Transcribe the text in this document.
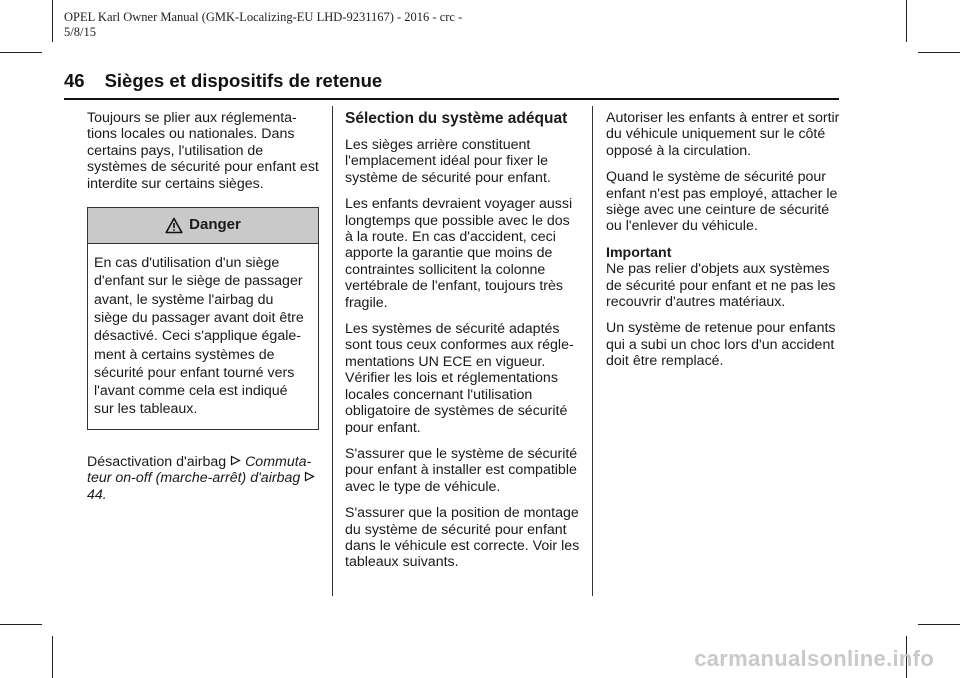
OPEL Karl Owner Manual (GMK-Localizing-EU LHD-9231167) - 2016 - crc -
5/8/15
46 Sièges et dispositifs de retenue

Toujours se plier aux réglementa-tions locales ou nationales. Dans certains pays, l'utilisation de systèmes de sécurité pour enfant est interdite sur certains sièges.

Danger
En cas d'utilisation d'un siège d'enfant sur le siège de passager avant, le système l'airbag du siège du passager avant doit être désactivé. Ceci s'applique égale-ment à certains systèmes de sécurité pour enfant tourné vers l'avant comme cela est indiqué sur les tableaux.

Désactivation d'airbag Commuta-teur on-off (marche-arrêt) d'airbag  44.

Sélection du système adéquat

Les sièges arrière constituent l'emplacement idéal pour fixer le système de sécurité pour enfant.

Les enfants devraient voyager aussi longtemps que possible avec le dos à la route. En cas d'accident, ceci apporte la garantie que moins de contraintes sollicitent la colonne vertébrale de l'enfant, toujours très fragile.

Les systèmes de sécurité adaptés sont tous ceux conformes aux régle-mentations UN ECE en vigueur. Vérifier les lois et réglementations locales concernant l'utilisation obligatoire de systèmes de sécurité pour enfant.

S'assurer que le système de sécurité pour enfant à installer est compatible avec le type de véhicule.

S'assurer que la position de montage du système de sécurité pour enfant dans le véhicule est correcte. Voir les tableaux suivants.

Autoriser les enfants à entrer et sortir du véhicule uniquement sur le côté opposé à la circulation.

Quand le système de sécurité pour enfant n'est pas employé, attacher le siège avec une ceinture de sécurité ou l'enlever du véhicule.

Important

Ne pas relier d'objets aux systèmes de sécurité pour enfant et ne pas les recouvrir d'autres matériaux.

Un système de retenue pour enfants qui a subi un choc lors d'un accident doit être remplacé.

carmanualsonline.info
